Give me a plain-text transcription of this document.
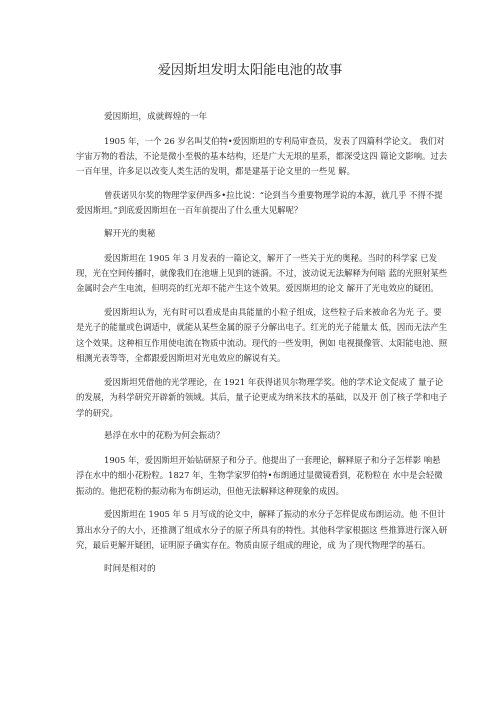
爱因斯坦发明太阳能电池的故事
爱因斯坦，成就辉煌的一年

1905 年，一个 26 岁名叫艾伯特•爱因斯坦的专利局审查员，发表了四篇科学论文。 我们对宇宙万物的看法，不论是微小至极的基本结构，还是广大无垠的星系，都深受这四 篇论文影响。过去一百年里，许多足以改变人类生活的发明，都是建基于论文里的一些见 解。

曾获诺贝尔奖的物理学家伊西多•拉比说：“论到当今重要物理学说的本源，就几乎 不得不提爱因斯坦。”到底爱因斯坦在一百年前提出了什么重大见解呢？

解开光的奥秘

爱因斯坦在 1905 年 3 月发表的一篇论文，解开了一些关于光的奥秘。当时的科学家 已发现，光在空间传播时，就像我们在池塘上见到的涟漪。不过，波动说无法解释为何暗 蓝的光照射某些金属时会产生电流，但明亮的红光却不能产生这个效果。爱因斯坦的论文 解开了光电效应的疑团。

爱因斯坦认为，光有时可以看成是由具能量的小粒子组成，这些粒子后来被命名为光 子。要是光子的能量或色调适中，就能从某些金属的原子分解出电子。红光的光子能量太 低，因而无法产生这个效果。这种相互作用使电流在物质中流动。现代的一些发明，例如 电视摄像管、太阳能电池、照相测光表等等，全都跟爱因斯坦对光电效应的解说有关。

爱因斯坦凭借他的光学理论，在 1921 年获得诺贝尔物理学奖。他的学术论文促成了 量子论的发展，为科学研究开辟新的领域。其后，量子论更成为纳米技术的基础，以及开 创了核子学和电子学的研究。

悬浮在水中的花粉为何会振动？

1905 年，爱因斯坦开始钻研原子和分子。他提出了一套理论，解释原子和分子怎样影 响悬浮在水中的细小花粉粒。1827 年，生物学家罗伯特•布朗通过显微镜看到，花粉粒在 水中是会轻微振动的。他把花粉的振动称为布朗运动，但他无法解释这种现象的成因。

爱因斯坦在 1905 年 5 月写成的论文中，解释了振动的水分子怎样促成布朗运动。他 不但计算出水分子的大小，还推测了组成水分子的原子所具有的特性。其他科学家根据这 些推算进行深入研究，最后更解开疑团，证明原子确实存在。物质由原子组成的理论，成 为了现代物理学的基石。

时间是相对的
